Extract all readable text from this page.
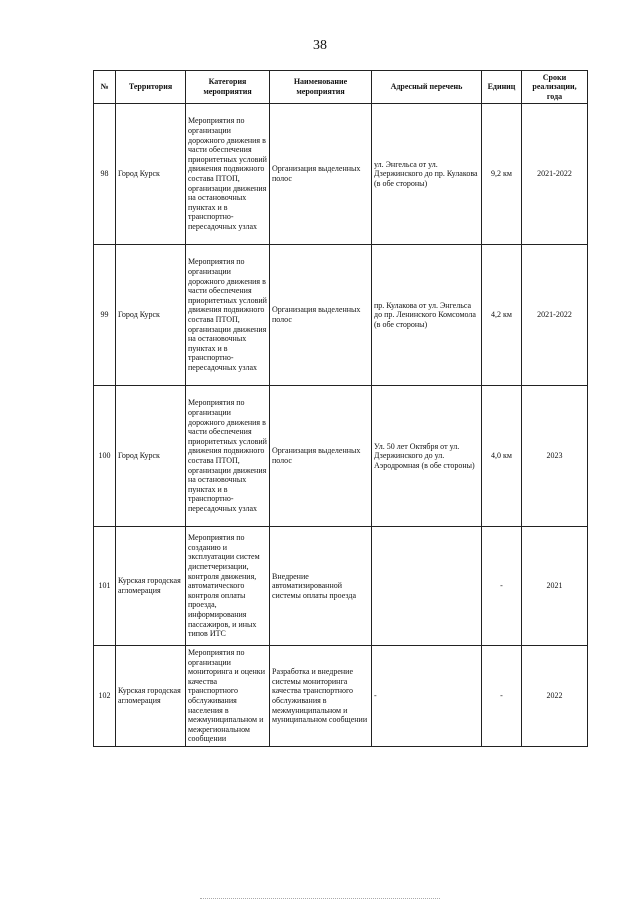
38
№	Территория	Категория мероприятия	Наименование мероприятия	Адресный перечень	Единиц	Сроки реализации, года
98	Город Курск	Мероприятия по организации дорожного движения в части обеспечения приоритетных условий движения подвижного состава ПТОП, организации движения на остановочных пунктах и в транспортно-пересадочных узлах	Организация выделенных полос	ул. Энгельса от ул. Дзержинского до пр. Кулакова (в обе стороны)	9,2 км	2021-2022
99	Город Курск	Мероприятия по организации дорожного движения в части обеспечения приоритетных условий движения подвижного состава ПТОП, организации движения на остановочных пунктах и в транспортно-пересадочных узлах	Организация выделенных полос	пр. Кулакова от ул. Энгельса до пр. Ленинского Комсомола (в обе стороны)	4,2 км	2021-2022
100	Город Курск	Мероприятия по организации дорожного движения в части обеспечения приоритетных условий движения подвижного состава ПТОП, организации движения на остановочных пунктах и в транспортно-пересадочных узлах	Организация выделенных полос	Ул. 50 лет Октября от ул. Дзержинского до ул. Аэродромная (в обе стороны)	4,0 км	2023
101	Курская городская агломерация	Мероприятия по созданию и эксплуатации систем диспетчеризации, контроля движения, автоматического контроля оплаты проезда, информирования пассажиров, и иных типов ИТС	Внедрение автоматизированной системы оплаты проезда		-	2021
102	Курская городская агломерация	Мероприятия по организации мониторинга и оценки качества транспортного обслуживания населения в межмуниципальном и межрегиональном сообщении	Разработка и внедрение системы мониторинга качества транспортного обслуживания в межмуниципальном и муниципальном сообщении	-	-	2022
